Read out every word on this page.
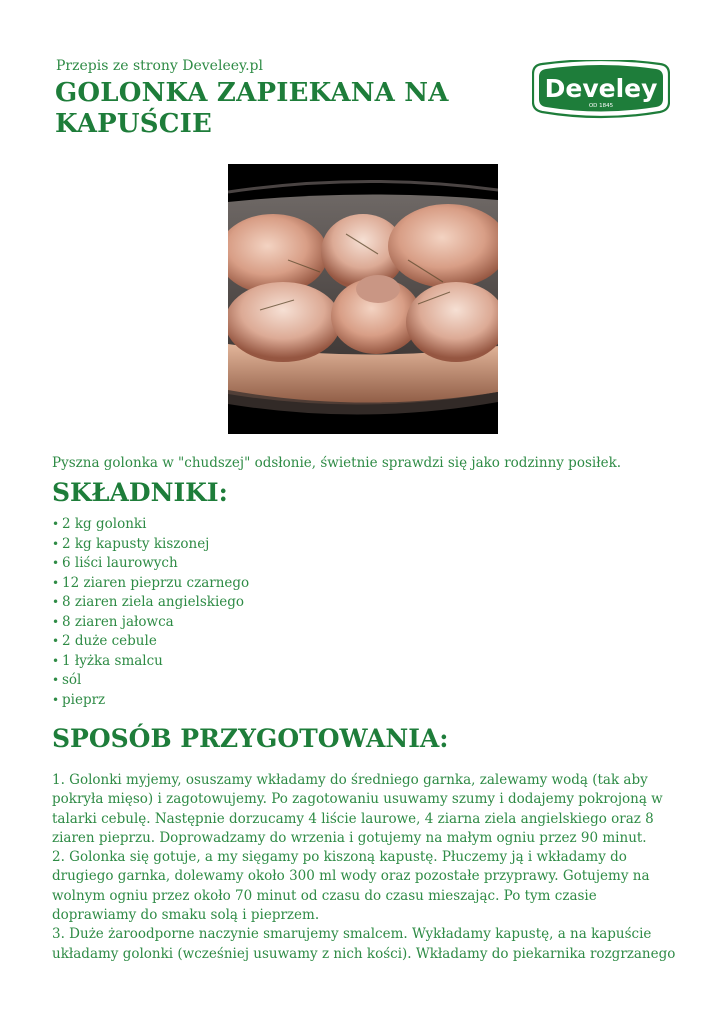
Przepis ze strony Develeey.pl
GOLONKA ZAPIEKANA NA KAPUŚCIE
Develey
OD 1845
Pyszna golonka w "chudszej" odsłonie, świetnie sprawdzi się jako rodzinny posiłek.
SKŁADNIKI:
• 2 kg golonki
• 2 kg kapusty kiszonej
• 6 liści laurowych
• 12 ziaren pieprzu czarnego
• 8 ziaren ziela angielskiego
• 8 ziaren jałowca
• 2 duże cebule
• 1 łyżka smalcu
• sól
• pieprz
SPOSÓB PRZYGOTOWANIA:

1. Golonki myjemy, osuszamy wkładamy do średniego garnka, zalewamy wodą (tak aby pokryła mięso) i zagotowujemy. Po zagotowaniu usuwamy szumy i dodajemy pokrojoną w talarki cebulę. Następnie dorzucamy 4 liście laurowe, 4 ziarna ziela angielskiego oraz 8 ziaren pieprzu. Doprowadzamy do wrzenia i gotujemy na małym ogniu przez 90 minut.

2. Golonka się gotuje, a my sięgamy po kiszoną kapustę. Płuczemy ją i wkładamy do drugiego garnka, dolewamy około 300 ml wody oraz pozostałe przyprawy. Gotujemy na wolnym ogniu przez około 70 minut od czasu do czasu mieszając. Po tym czasie doprawiamy do smaku solą i pieprzem.

3. Duże żaroodporne naczynie smarujemy smalcem. Wykładamy kapustę, a na kapuście układamy golonki (wcześniej usuwamy z nich kości). Wkładamy do piekarnika rozgrzanego
